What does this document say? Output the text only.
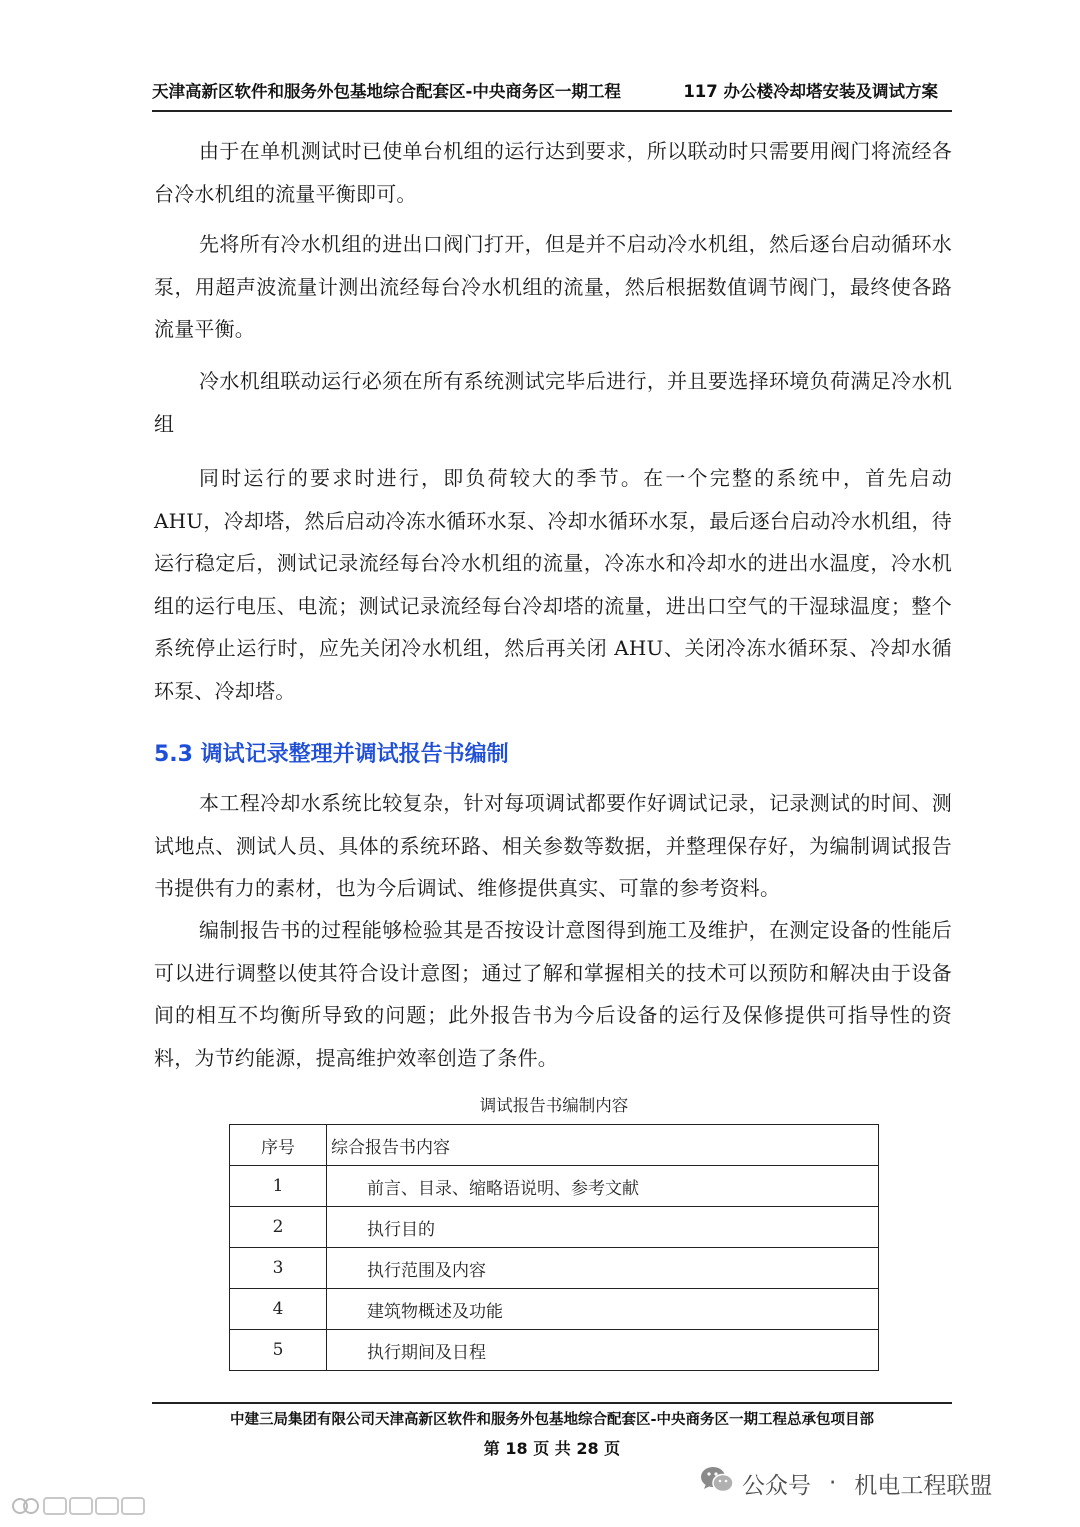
天津高新区软件和服务外包基地综合配套区-中央商务区一期工程	117 办公楼冷却塔安装及调试方案

由于在单机测试时已使单台机组的运行达到要求，所以联动时只需要用阀门将流经各台冷水机组的流量平衡即可。

先将所有冷水机组的进出口阀门打开，但是并不启动冷水机组，然后逐台启动循环水泵，用超声波流量计测出流经每台冷水机组的流量，然后根据数值调节阀门，最终使各路流量平衡。

冷水机组联动运行必须在所有系统测试完毕后进行，并且要选择环境负荷满足冷水机组

同时运行的要求时进行，即负荷较大的季节。在一个完整的系统中，首先启动 AHU，冷却塔，然后启动冷冻水循环水泵、冷却水循环水泵，最后逐台启动冷水机组，待运行稳定后，测试记录流经每台冷水机组的流量，冷冻水和冷却水的进出水温度，冷水机组的运行电压、电流；测试记录流经每台冷却塔的流量，进出口空气的干湿球温度；整个系统停止运行时，应先关闭冷水机组，然后再关闭 AHU、关闭冷冻水循环泵、冷却水循环泵、冷却塔。

5.3 调试记录整理并调试报告书编制

本工程冷却水系统比较复杂，针对每项调试都要作好调试记录，记录测试的时间、测试地点、测试人员、具体的系统环路、相关参数等数据，并整理保存好，为编制调试报告书提供有力的素材，也为今后调试、维修提供真实、可靠的参考资料。

编制报告书的过程能够检验其是否按设计意图得到施工及维护，在测定设备的性能后可以进行调整以使其符合设计意图；通过了解和掌握相关的技术可以预防和解决由于设备间的相互不均衡所导致的问题；此外报告书为今后设备的运行及保修提供可指导性的资料，为节约能源，提高维护效率创造了条件。

调试报告书编制内容
序号	综合报告书内容
1	前言、目录、缩略语说明、参考文献
2	执行目的
3	执行范围及内容
4	建筑物概述及功能
5	执行期间及日程
中建三局集团有限公司天津高新区软件和服务外包基地综合配套区-中央商务区一期工程总承包项目部
第 18 页 共 28 页
公众号 · 机电工程联盟
